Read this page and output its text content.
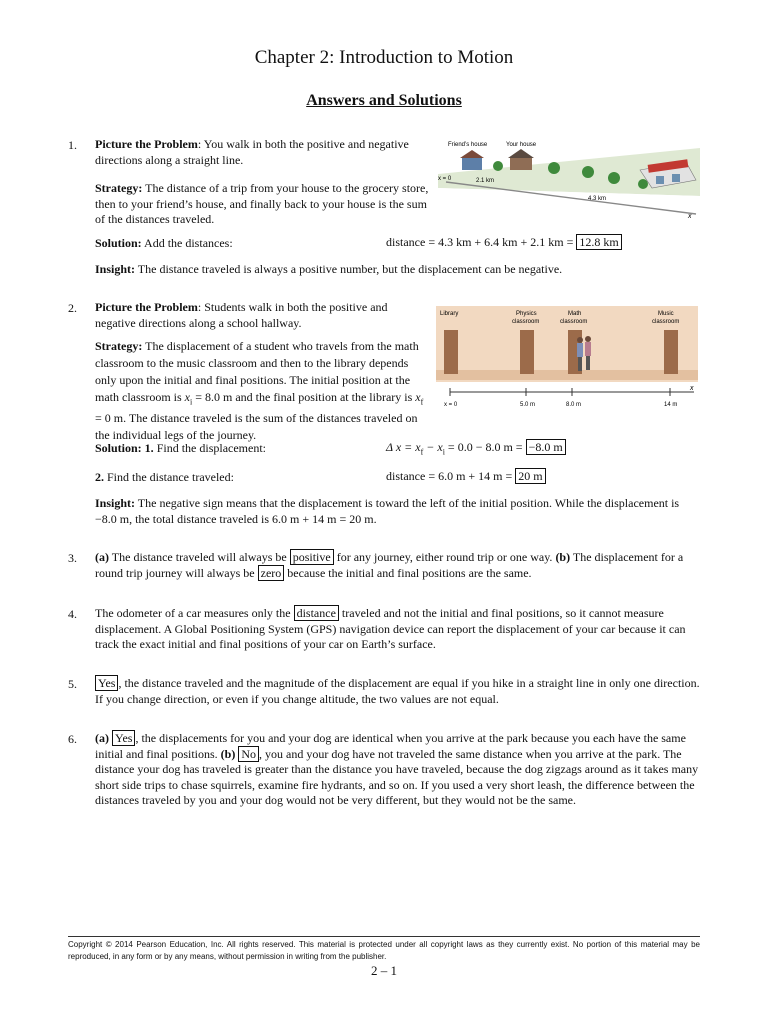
Chapter 2: Introduction to Motion
Answers and Solutions
1. Picture the Problem: You walk in both the positive and negative directions along a straight line.
Strategy: The distance of a trip from your house to the grocery store, then to your friend’s house, and finally back to your house is the sum of the distances traveled.	x
Friend’s house	Your house
x = 0	2.1 km
4.3 km
Solution: Add the distances:	distance = 4.3 km + 6.4 km + 2.1 km = 12.8 km
Insight: The distance traveled is always a positive number, but the displacement can be negative.
2. Picture the Problem: Students walk in both the positive and negative directions along a school hallway.
Strategy: The displacement of a student who travels from the math classroom to the music classroom and then to the library depends only upon the initial and final positions. The initial position at the math classroom is $x_i = 8.0$ m and the final position at the library is $x_f = 0$ m. The distance traveled is the sum of the distances traveled on the individual legs of the journey.
Library	Physics
classroom
Math
classroom
Music
classroom
x = 0	5.0 m	8.0 m	14 m
x
Solution: 1. Find the displacement:	Δ $x = x_f - x_i = 0.0 - 8.0$ m = −8.0 m
2. Find the distance traveled:	distance = 6.0 m + 14 m = 20 m
Insight: The negative sign means that the displacement is toward the left of the initial position. While the displacement is −8.0 m, the total distance traveled is 6.0 m + 14 m = 20 m.
3. (a) The distance traveled will always be positive for any journey, either round trip or one way. (b) The displacement for a round trip journey will always be zero because the initial and final positions are the same.
4. The odometer of a car measures only the distance traveled and not the initial and final positions, so it cannot measure displacement. A Global Positioning System (GPS) navigation device can report the displacement of your car because it can track the exact initial and final positions of your car on Earth’s surface.
5. Yes , the distance traveled and the magnitude of the displacement are equal if you hike in a straight line in only one direction. If you change direction, or even if you change altitude, the two values are not equal.
6. (a) Yes , the displacements for you and your dog are identical when you arrive at the park because you each have the same initial and final positions. (b) No , you and your dog have not traveled the same distance when you arrive at the park. The distance your dog has traveled is greater than the distance you have traveled, because the dog zigzags around as it takes many short side trips to chase squirrels, examine fire hydrants, and so on. If you used a very short leash, the difference between the distances traveled by you and your dog would not be very different, but they would not be the same.
Copyright © 2014 Pearson Education, Inc. All rights reserved. This material is protected under all copyright laws as they currently exist. No portion of this material may be reproduced, in any form or by any means, without permission in writing from the publisher.
2 – 1
